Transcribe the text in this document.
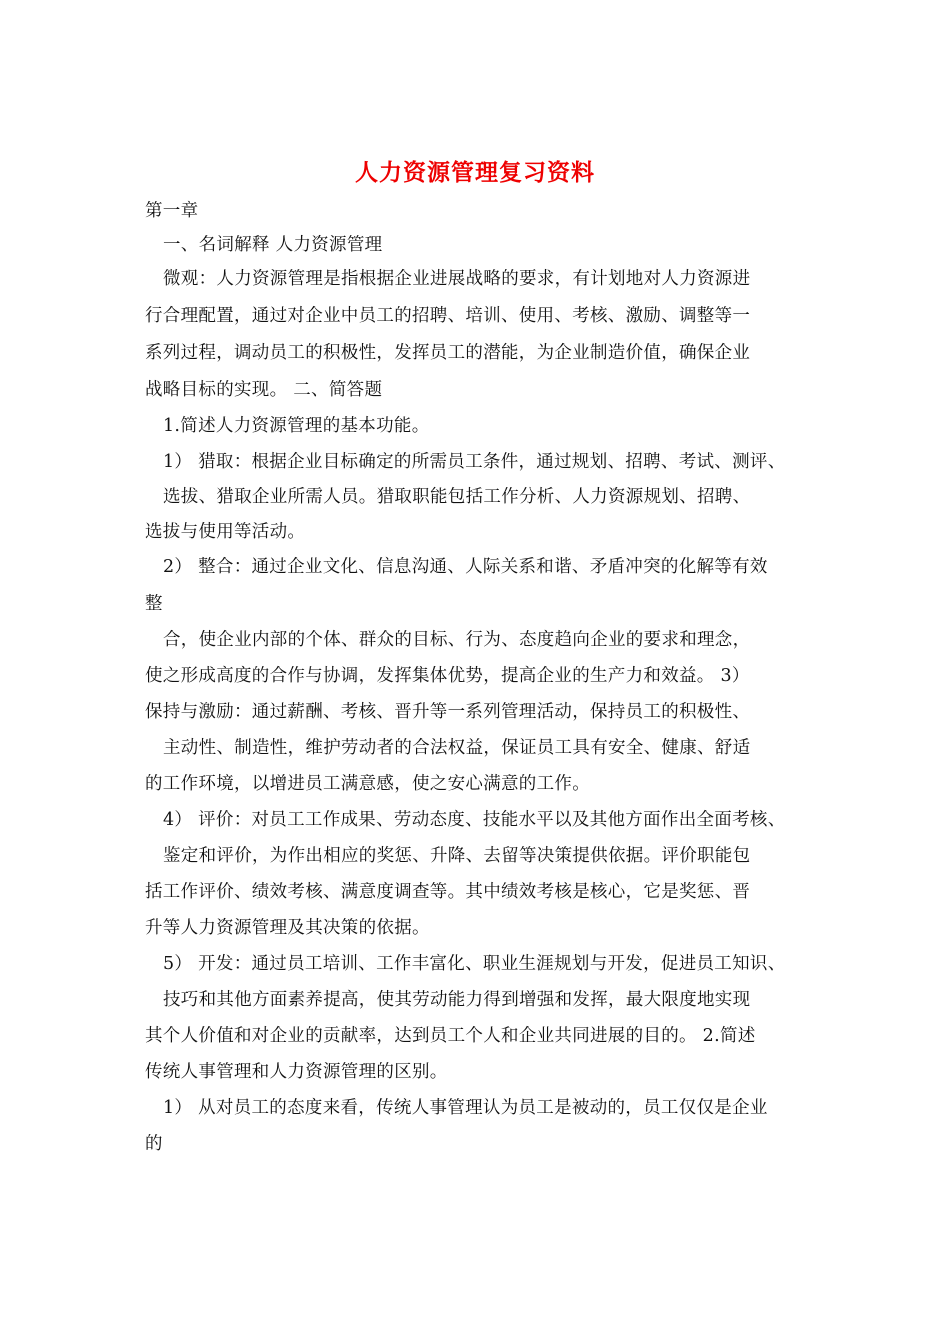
人力资源管理复习资料
第一章
一、名词解释 人力资源管理
微观：人力资源管理是指根据企业进展战略的要求，有计划地对人力资源进
行合理配置，通过对企业中员工的招聘、培训、使用、考核、激励、调整等一
系列过程，调动员工的积极性，发挥员工的潜能，为企业制造价值，确保企业
战略目标的实现。 二、简答题
1.简述人力资源管理的基本功能。
1） 猎取：根据企业目标确定的所需员工条件，通过规划、招聘、考试、测评、
选拔、猎取企业所需人员。猎取职能包括工作分析、人力资源规划、招聘、
选拔与使用等活动。
2） 整合：通过企业文化、信息沟通、人际关系和谐、矛盾冲突的化解等有效
整
合，使企业内部的个体、群众的目标、行为、态度趋向企业的要求和理念，
使之形成高度的合作与协调，发挥集体优势，提高企业的生产力和效益。 3）
保持与激励：通过薪酬、考核、晋升等一系列管理活动，保持员工的积极性、
主动性、制造性，维护劳动者的合法权益，保证员工具有安全、健康、舒适
的工作环境，以增进员工满意感，使之安心满意的工作。
4） 评价：对员工工作成果、劳动态度、技能水平以及其他方面作出全面考核、
鉴定和评价，为作出相应的奖惩、升降、去留等决策提供依据。评价职能包
括工作评价、绩效考核、满意度调查等。其中绩效考核是核心，它是奖惩、晋
升等人力资源管理及其决策的依据。
5） 开发：通过员工培训、工作丰富化、职业生涯规划与开发，促进员工知识、
技巧和其他方面素养提高，使其劳动能力得到增强和发挥，最大限度地实现
其个人价值和对企业的贡献率，达到员工个人和企业共同进展的目的。 2.简述
传统人事管理和人力资源管理的区别。
1） 从对员工的态度来看，传统人事管理认为员工是被动的，员工仅仅是企业
的
